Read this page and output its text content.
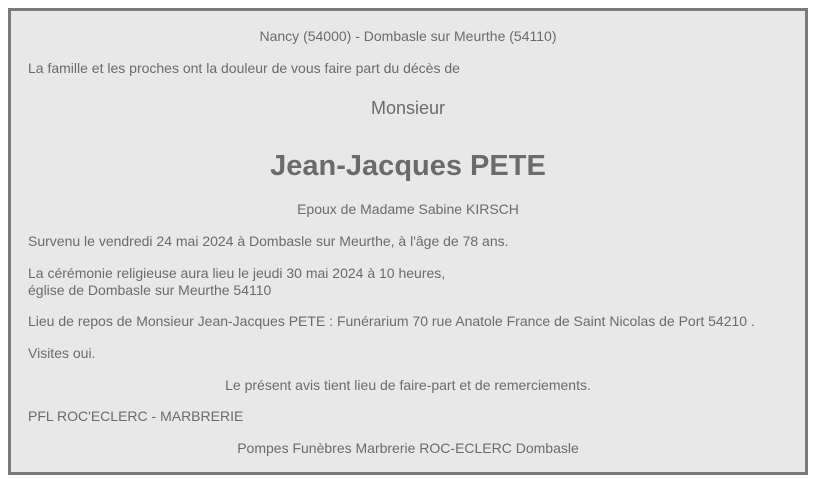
Nancy (54000) - Dombasle sur Meurthe (54110)
La famille et les proches ont la douleur de vous faire part du décès de
Monsieur
Jean-Jacques PETE
Epoux de Madame Sabine KIRSCH
Survenu le vendredi 24 mai 2024 à Dombasle sur Meurthe, à l'âge de 78 ans.
La cérémonie religieuse aura lieu le jeudi 30 mai 2024 à 10 heures,
église de Dombasle sur Meurthe 54110
Lieu de repos de Monsieur Jean-Jacques PETE : Funérarium 70 rue Anatole France de Saint Nicolas de Port 54210 .
Visites oui.
Le présent avis tient lieu de faire-part et de remerciements.
PFL ROC'ECLERC - MARBRERIE
Pompes Funèbres Marbrerie ROC-ECLERC Dombasle
